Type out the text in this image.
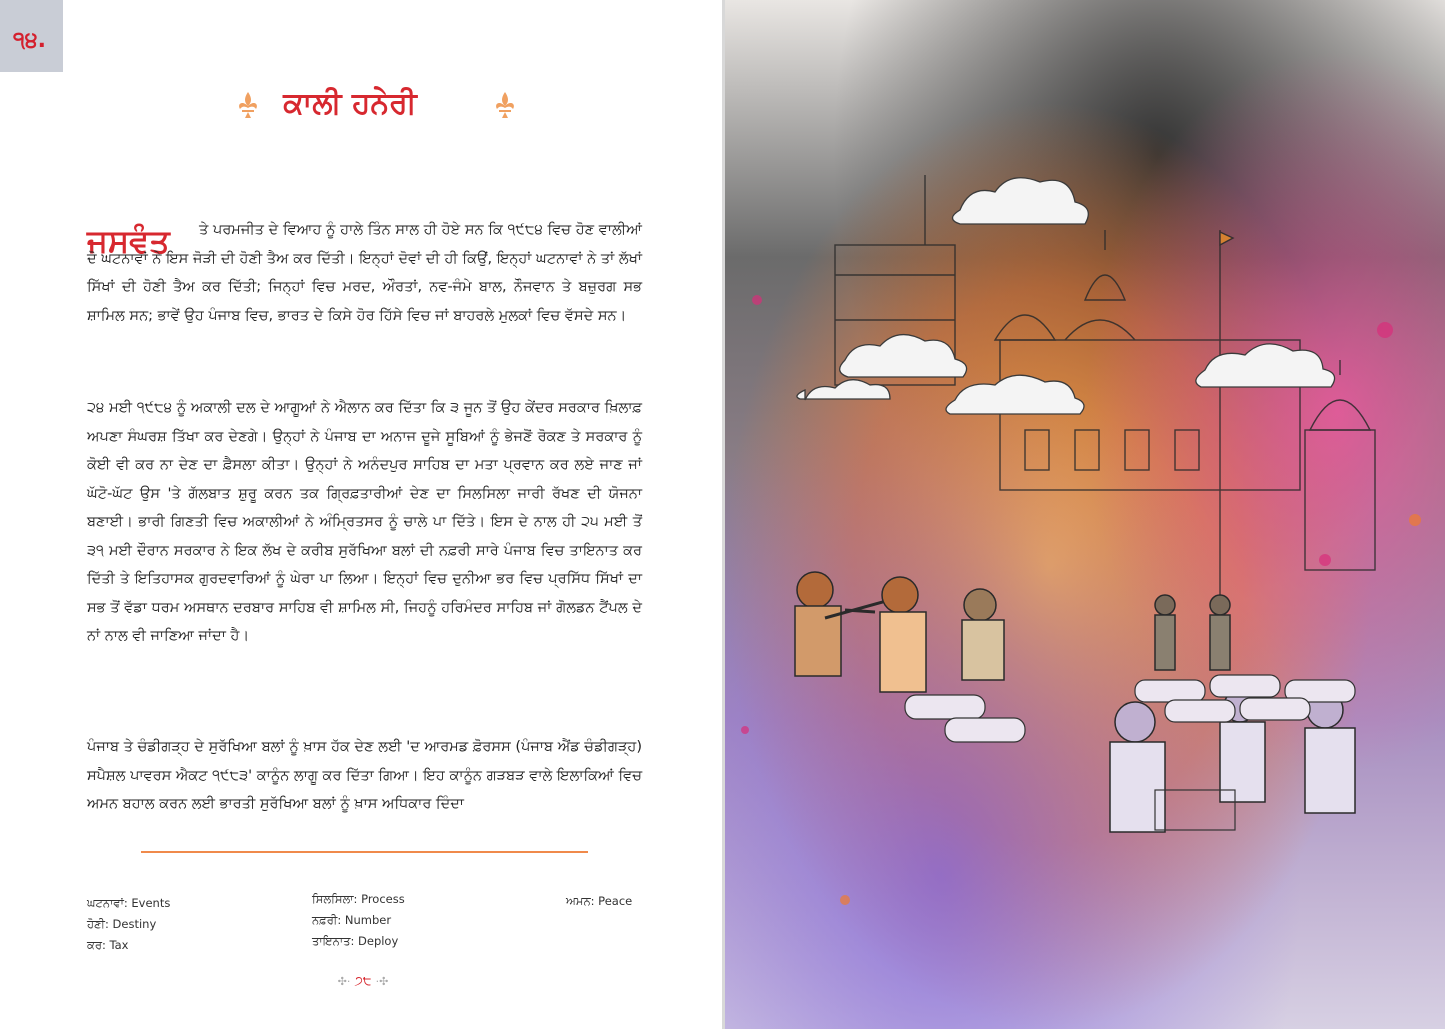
੧੪.
ਕਾਲੀ ਹਨੇਰੀ
ਜਸਵੰਤ	ਤੇ ਪਰਮਜੀਤ ਦੇ ਵਿਆਹ ਨੂੰ ਹਾਲੇ ਤਿੰਨ ਸਾਲ ਹੀ ਹੋਏ ਸਨ ਕਿ ੧੯੮੪ ਵਿਚ ਹੋਣ ਵਾਲੀਆਂ ਦੋ ਘਟਨਾਵਾਂ ਨੇ ਇਸ ਜੋੜੀ ਦੀ ਹੋਣੀ ਤੈਅ ਕਰ ਦਿੱਤੀ। ਇਨ੍ਹਾਂ ਦੋਵਾਂ ਦੀ ਹੀ ਕਿਉਂ, ਇਨ੍ਹਾਂ ਘਟਨਾਵਾਂ ਨੇ ਤਾਂ ਲੱਖਾਂ ਸਿੱਖਾਂ ਦੀ ਹੋਣੀ ਤੈਅ ਕਰ ਦਿੱਤੀ; ਜਿਨ੍ਹਾਂ ਵਿਚ ਮਰਦ, ਔਰਤਾਂ, ਨਵ-ਜੰਮੇ ਬਾਲ, ਨੌਜਵਾਨ ਤੇ ਬਜ਼ੁਰਗ ਸਭ ਸ਼ਾਮਿਲ ਸਨ; ਭਾਵੇਂ ਉਹ ਪੰਜਾਬ ਵਿਚ, ਭਾਰਤ ਦੇ ਕਿਸੇ ਹੋਰ ਹਿੱਸੇ ਵਿਚ ਜਾਂ ਬਾਹਰਲੇ ਮੁਲਕਾਂ ਵਿਚ ਵੱਸਦੇ ਸਨ।

੨੪ ਮਈ ੧੯੮੪ ਨੂੰ ਅਕਾਲੀ ਦਲ ਦੇ ਆਗੂਆਂ ਨੇ ਐਲਾਨ ਕਰ ਦਿੱਤਾ ਕਿ ੩ ਜੂਨ ਤੋਂ ਉਹ ਕੇਂਦਰ ਸਰਕਾਰ ਖ਼ਿਲਾਫ਼ ਅਪਣਾ ਸੰਘਰਸ਼ ਤਿੱਖਾ ਕਰ ਦੇਣਗੇ। ਉਨ੍ਹਾਂ ਨੇ ਪੰਜਾਬ ਦਾ ਅਨਾਜ ਦੂਜੇ ਸੂਬਿਆਂ ਨੂੰ ਭੇਜਣੋਂ ਰੋਕਣ ਤੇ ਸਰਕਾਰ ਨੂੰ ਕੋਈ ਵੀ ਕਰ ਨਾ ਦੇਣ ਦਾ ਫ਼ੈਸਲਾ ਕੀਤਾ। ਉਨ੍ਹਾਂ ਨੇ ਅਨੰਦਪੁਰ ਸਾਹਿਬ ਦਾ ਮਤਾ ਪ੍ਰਵਾਨ ਕਰ ਲਏ ਜਾਣ ਜਾਂ ਘੱਟੋ-ਘੱਟ ਉਸ 'ਤੇ ਗੱਲਬਾਤ ਸ਼ੁਰੂ ਕਰਨ ਤਕ ਗ੍ਰਿਫ਼ਤਾਰੀਆਂ ਦੇਣ ਦਾ ਸਿਲਸਿਲਾ ਜਾਰੀ ਰੱਖਣ ਦੀ ਯੋਜਨਾ ਬਣਾਈ। ਭਾਰੀ ਗਿਣਤੀ ਵਿਚ ਅਕਾਲੀਆਂ ਨੇ ਅੰਮ੍ਰਿਤਸਰ ਨੂੰ ਚਾਲੇ ਪਾ ਦਿੱਤੇ। ਇਸ ਦੇ ਨਾਲ ਹੀ ੨੫ ਮਈ ਤੋਂ ੩੧ ਮਈ ਦੌਰਾਨ ਸਰਕਾਰ ਨੇ ਇਕ ਲੱਖ ਦੇ ਕਰੀਬ ਸੁਰੱਖਿਆ ਬਲਾਂ ਦੀ ਨਫ਼ਰੀ ਸਾਰੇ ਪੰਜਾਬ ਵਿਚ ਤਾਇਨਾਤ ਕਰ ਦਿੱਤੀ ਤੇ ਇਤਿਹਾਸਕ ਗੁਰਦਵਾਰਿਆਂ ਨੂੰ ਘੇਰਾ ਪਾ ਲਿਆ। ਇਨ੍ਹਾਂ ਵਿਚ ਦੁਨੀਆ ਭਰ ਵਿਚ ਪ੍ਰਸਿੱਧ ਸਿੱਖਾਂ ਦਾ ਸਭ ਤੋਂ ਵੱਡਾ ਧਰਮ ਅਸਥਾਨ ਦਰਬਾਰ ਸਾਹਿਬ ਵੀ ਸ਼ਾਮਿਲ ਸੀ, ਜਿਹਨੂੰ ਹਰਿਮੰਦਰ ਸਾਹਿਬ ਜਾਂ ਗੋਲਡਨ ਟੈਂਪਲ ਦੇ ਨਾਂ ਨਾਲ ਵੀ ਜਾਣਿਆ ਜਾਂਦਾ ਹੈ।

ਪੰਜਾਬ ਤੇ ਚੰਡੀਗੜ੍ਹ ਦੇ ਸੁਰੱਖਿਆ ਬਲਾਂ ਨੂੰ ਖ਼ਾਸ ਹੱਕ ਦੇਣ ਲਈ 'ਦ ਆਰਮਡ ਫ਼ੋਰਸਸ (ਪੰਜਾਬ ਐਂਡ ਚੰਡੀਗੜ੍ਹ) ਸਪੈਸ਼ਲ ਪਾਵਰਸ ਐਕਟ ੧੯੮੩' ਕਾਨੂੰਨ ਲਾਗੂ ਕਰ ਦਿੱਤਾ ਗਿਆ। ਇਹ ਕਾਨੂੰਨ ਗੜਬੜ ਵਾਲੇ ਇਲਾਕਿਆਂ ਵਿਚ ਅਮਨ ਬਹਾਲ ਕਰਨ ਲਈ ਭਾਰਤੀ ਸੁਰੱਖਿਆ ਬਲਾਂ ਨੂੰ ਖ਼ਾਸ ਅਧਿਕਾਰ ਦਿੰਦਾ

ਘਟਨਾਵਾਂ: Events
ਹੋਣੀ: Destiny
ਕਰ: Tax
ਸਿਲਸਿਲਾ: Process
ਨਫ਼ਰੀ: Number
ਤਾਇਨਾਤ: Deploy
ਅਮਨ: Peace
✣· ੭੮ ·✣
